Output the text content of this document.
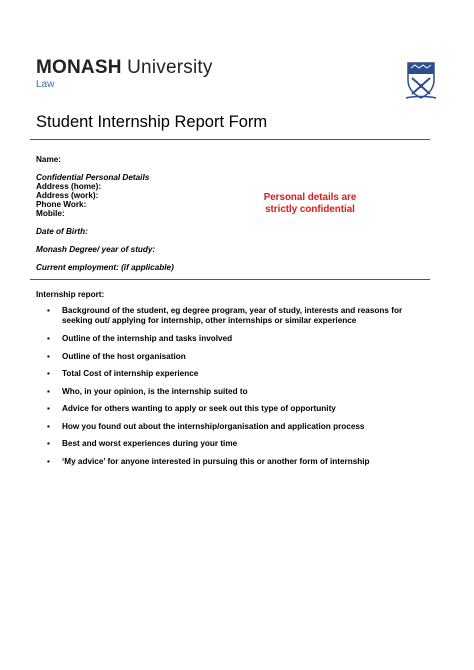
MONASH University
Law
Student Internship Report Form
Name:
Confidential Personal Details
Address (home):
Address (work):
Phone Work:
Mobile:
Date of Birth:
Monash Degree/ year of study:
Current employment: (if applicable)
Personal details are
strictly confidential
Internship report:
▪ Background of the student, eg degree program, year of study, interests and reasons for
seeking out/ applying for internship, other internships or similar experience
▪ Outline of the internship and tasks involved
▪ Outline of the host organisation
▪ Total Cost of internship experience
▪ Who, in your opinion, is the internship suited to
▪ Advice for others wanting to apply or seek out this type of opportunity
▪ How you found out about the internship/organisation and application process
▪ Best and worst experiences during your time
▪ ‘My advice’ for anyone interested in pursuing this or another form of internship
